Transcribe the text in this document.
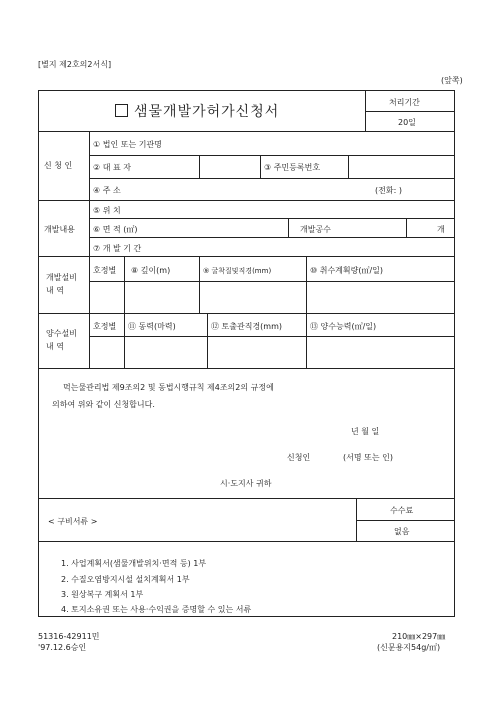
[별지 제2호의2서식]
(앞쪽)
샘물개발가허가신청서
처리기간
20일
신 청 인
① 법인 또는 기관명
② 대 표 자	③ 주민등록번호
④ 주 소	(전화: )
개발내용
⑤ 위 치
⑥ 면 적 (㎡)	개발공수	개
⑦ 개 발 기 간
개발설비
내 역
호정별 ⑧ 깊이(m)	⑨ 굴착질및직경(mm)	⑩ 취수계획량(㎥/일)
양수설비
내 역
호정별 ⑪ 동력(마력)	⑫ 토출관직경(mm)	⑬ 양수능력(㎥/일)
먹는물관리법 제9조의2 및 동법시행규칙 제4조의2의 규정에
의하여 위와 같이 신청합니다.
년 월 일
신청인	(서명 또는 인)
시·도지사 귀하
< 구비서류 >
수수료
없음
1. 사업계획서(샘물개발위치·면적 등) 1부
2. 수질오염방지시설 설치계획서 1부
3. 원상복구 계획서 1부
4. 토지소유권 또는 사용·수익권을 증명할 수 있는 서류
51316-42911민
'97.12.6승인
210㎜×297㎜
(신문용지54g/㎡)
